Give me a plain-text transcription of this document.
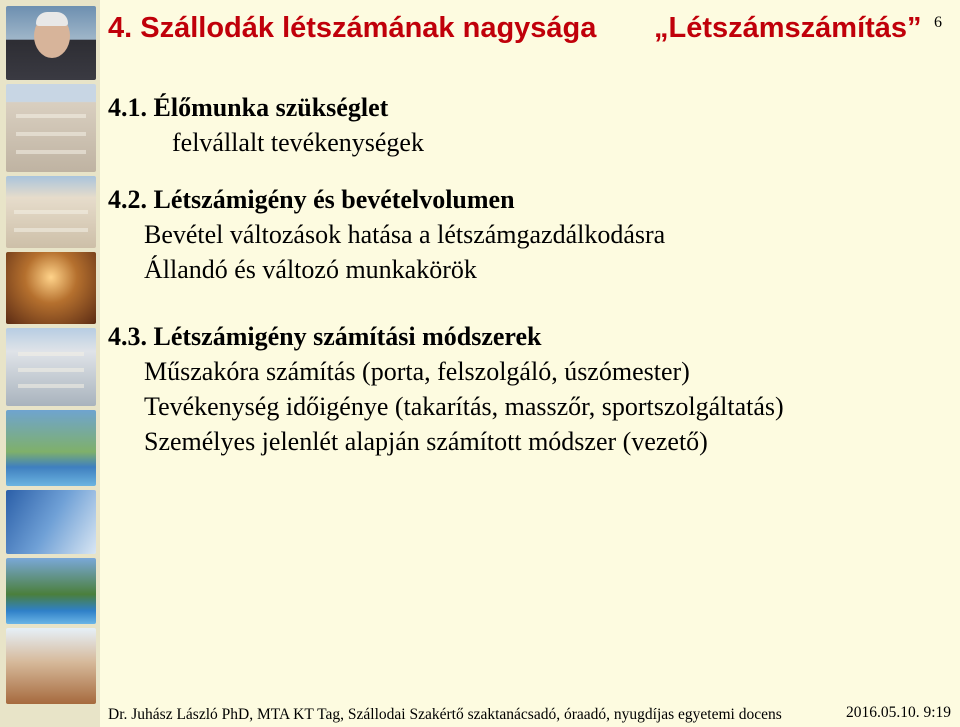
4. Szállodák létszámának nagysága „Létszámszámítás” 6
4.1. Élőmunka szükséglet
felvállalt tevékenységek
4.2. Létszámigény és bevételvolumen
Bevétel változások hatása a létszámgazdálkodásra
Állandó és változó munkakörök
4.3. Létszámigény számítási módszerek
Műszakóra számítás (porta, felszolgáló, úszómester)
Tevékenység időigénye (takarítás, masszőr, sportszolgáltatás)
Személyes jelenlét alapján számított módszer (vezető)
Dr. Juhász László PhD, MTA KT Tag, Szállodai Szakértő szaktanácsadó, óraadó, nyugdíjas egyetemi docens	2016.05.10. 9:19
